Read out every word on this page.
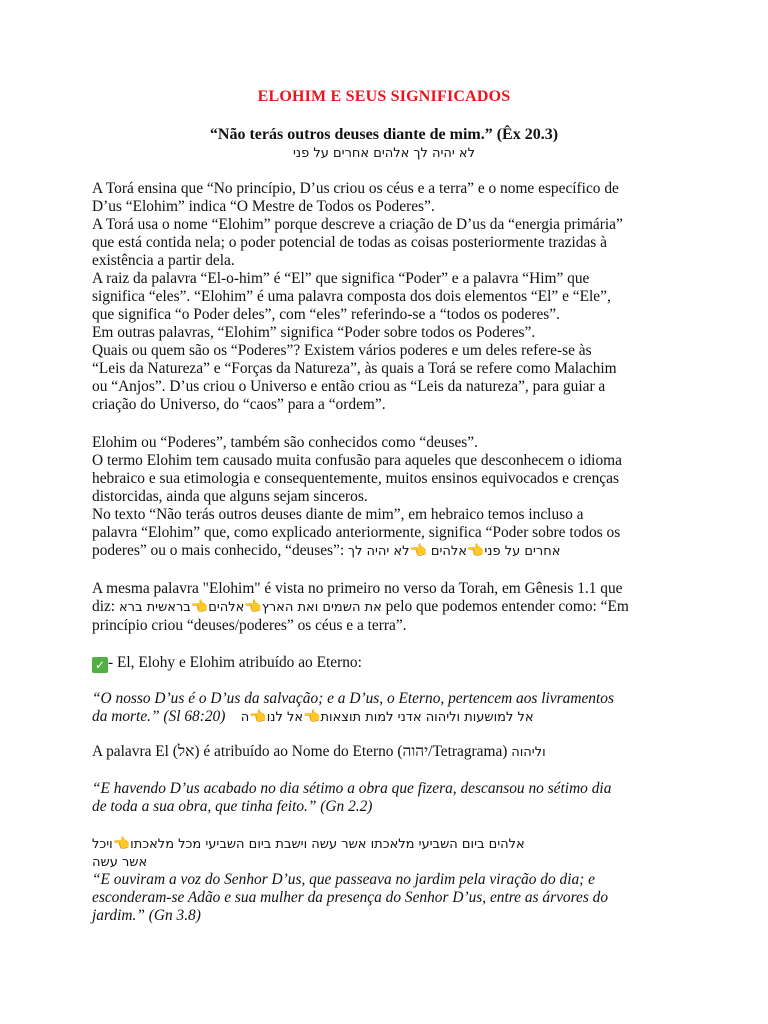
ELOHIM E SEUS SIGNIFICADOS
“Não terás outros deuses diante de mim.” (Êx 20.3)
לא יהיה לך אלהים אחרים על פני

A Torá ensina que “No princípio, D’us criou os céus e a terra” e o nome específico de

D’us “Elohim” indica “O Mestre de Todos os Poderes”.

A Torá usa o nome “Elohim” porque descreve a criação de D’us da “energia primária”

que está contida nela; o poder potencial de todas as coisas posteriormente trazidas à

existência a partir dela.

A raiz da palavra “El-o-him” é “El” que significa “Poder” e a palavra “Him” que

significa “eles”. “Elohim” é uma palavra composta dos dois elementos “El” e “Ele”,

que significa “o Poder deles”, com “eles” referindo-se a “todos os poderes”.

Em outras palavras, “Elohim” significa “Poder sobre todos os Poderes”.

Quais ou quem são os “Poderes”? Existem vários poderes e um deles refere-se às

“Leis da Natureza” e “Forças da Natureza”, às quais a Torá se refere como Malachim

ou “Anjos”. D’us criou o Universo e então criou as “Leis da natureza”, para guiar a

criação do Universo, do “caos” para a “ordem”.

Elohim ou “Poderes”, também são conhecidos como “deuses”.

O termo Elohim tem causado muita confusão para aqueles que desconhecem o idioma

hebraico e sua etimologia e consequentemente, muitos ensinos equivocados e crenças

distorcidas, ainda que alguns sejam sinceros.

No texto “Não terás outros deuses diante de mim”, em hebraico temos incluso a

palavra “Elohim” que, como explicado anteriormente, significa “Poder sobre todos os

poderes” ou o mais conhecido, “deuses”:	אחרים על פני👈אלהים 👈לא יהיה לך

A mesma palavra "Elohim" é vista no primeiro no verso da Torah, em Gênesis 1.1 que

diz:	את השמים ואת הארץ👈אלהים👈בראשית ברא	pelo que podemos entender como: “Em

princípio criou “deuses/poderes” os céus e a terra”.

✓ - El, Elohy e Elohim atribuído ao Eterno:

“O nosso D’us é o D’us da salvação; e a D’us, o Eterno, pertencem aos livramentos

da morte.” (Sl 68:20)	אל למושעות וליהוה אדני למות תוצאות👈אל לנו👈ה

A palavra El (אל) é atribuído ao Nome do Eterno (יהוה/Tetragrama) וליהוה

“E havendo D’us acabado no dia sétimo a obra que fizera, descansou no sétimo dia

de toda a sua obra, que tinha feito.” (Gn 2.2)

אלהים ביום השביעי מלאכתו אשר עשה וישבת ביום השביעי מכל מלאכתו👈ויכל

אשר עשה

“E ouviram a voz do Senhor D’us, que passeava no jardim pela viração do dia; e

esconderam-se Adão e sua mulher da presença do Senhor D’us, entre as árvores do

jardim.” (Gn 3.8)
